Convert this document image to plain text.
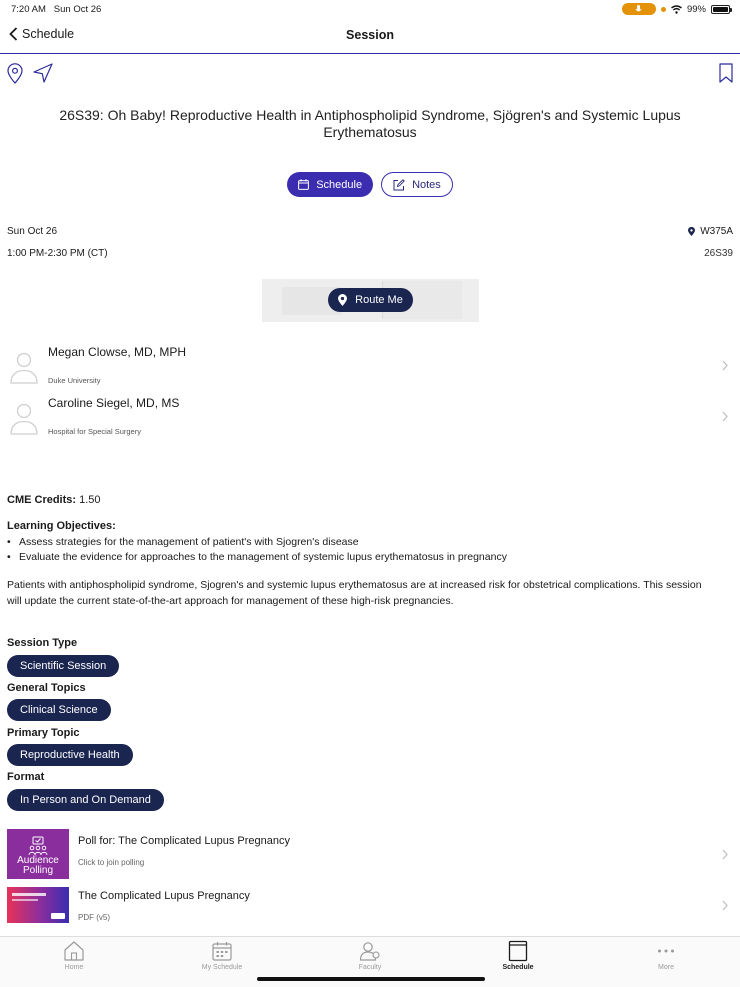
7:20 AM Sun Oct 26	99%
Session
Schedule
26S39: Oh Baby! Reproductive Health in Antiphospholipid Syndrome, Sjögren's and Systemic Lupus Erythematosus
Schedule	Notes
Sun Oct 26
1:00 PM-2:30 PM (CT)
W375A
26S39
Route Me
Megan Clowse, MD, MPH
Duke University
Caroline Siegel, MD, MS
Hospital for Special Surgery
CME Credits: 1.50
Learning Objectives:
• Assess strategies for the management of patient's with Sjogren's disease
• Evaluate the evidence for approaches to the management of systemic lupus erythematosus in pregnancy
Patients with antiphospholipid syndrome, Sjogren's and systemic lupus erythematosus are at increased risk for obstetrical complications. This session will update the current state-of-the-art approach for management of these high-risk pregnancies.
Session Type
Scientific Session
General Topics
Clinical Science
Primary Topic
Reproductive Health
Format
In Person and On Demand
Audience
Polling
Poll for: The Complicated Lupus Pregnancy
Click to join polling
The Complicated Lupus Pregnancy
PDF (v5)
Home	My Schedule	Faculty	Schedule	More
